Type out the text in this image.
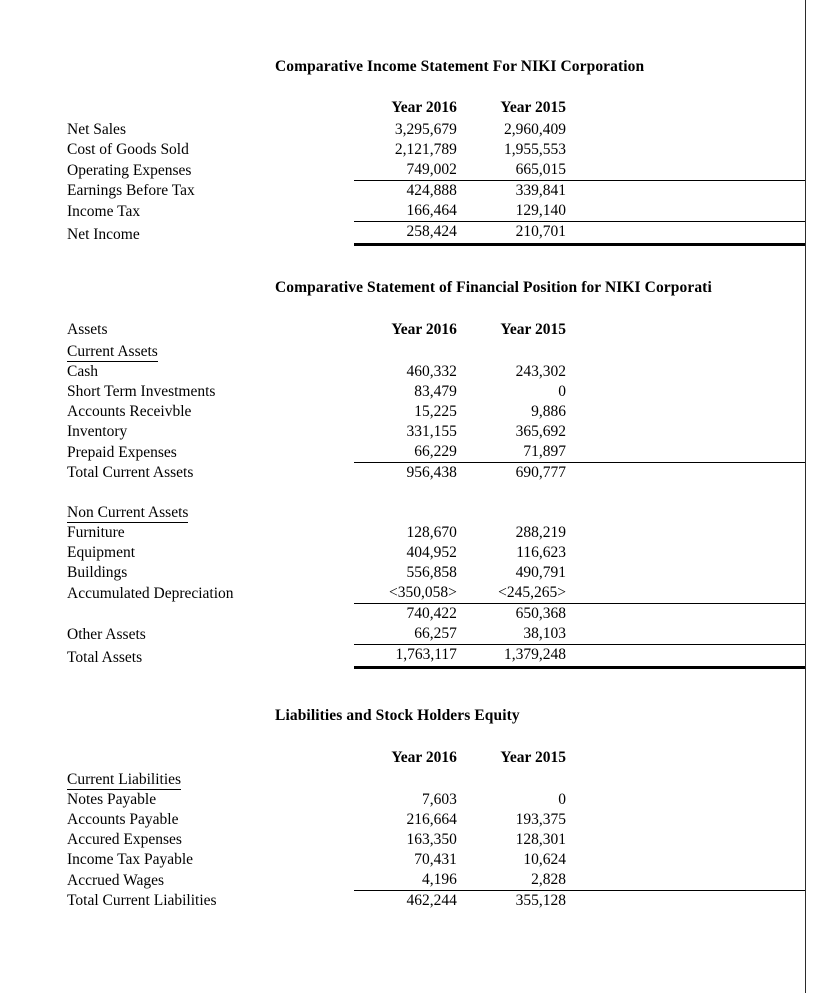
Comparative Income Statement For NIKI Corporation
	Year 2016	Year 2015
Net Sales	3,295,679	2,960,409
Cost of Goods Sold	2,121,789	1,955,553
Operating Expenses	749,002	665,015
Earnings Before Tax	424,888	339,841
Income Tax	166,464	129,140
Net Income	258,424	210,701
Comparative Statement of Financial Position for NIKI Corporati
Assets	Year 2016	Year 2015
Current Assets		
Cash	460,332	243,302
Short Term Investments	83,479	0
Accounts Receivble	15,225	9,886
Inventory	331,155	365,692
Prepaid Expenses	66,229	71,897
Total Current Assets	956,438	690,777

Non Current Assets		
Furniture	128,670	288,219
Equipment	404,952	116,623
Buildings	556,858	490,791
Accumulated Depreciation	<350,058>	<245,265>
	740,422	650,368
Other Assets	66,257	38,103
Total Assets	1,763,117	1,379,248
Liabilities and Stock Holders Equity
	Year 2016	Year 2015
Current Liabilities		
Notes Payable	7,603	0
Accounts Payable	216,664	193,375
Accured Expenses	163,350	128,301
Income Tax Payable	70,431	10,624
Accrued Wages	4,196	2,828
Total Current Liabilities	462,244	355,128
